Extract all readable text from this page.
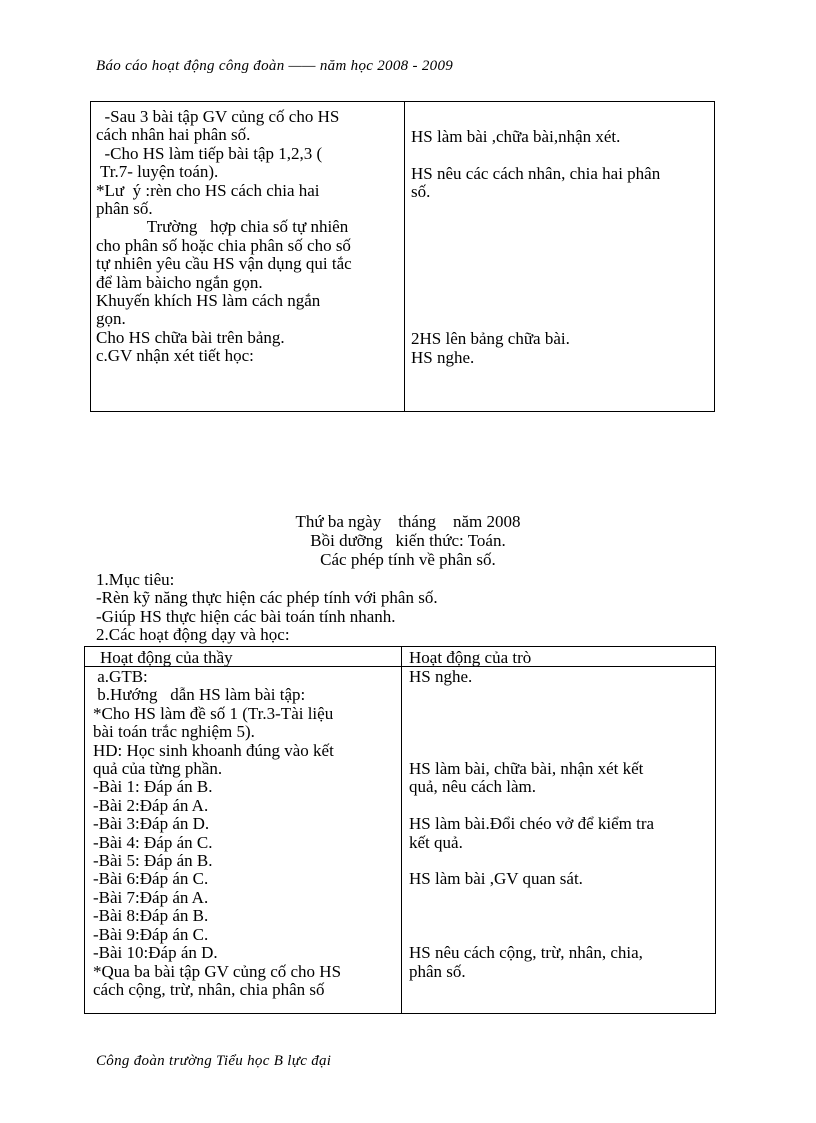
Báo cáo hoạt động công đoàn —— năm học 2008 - 2009
-Sau 3 bài tập GV củng cố cho HS
cách nhân hai phân số.
-Cho HS làm tiếp bài tập 1,2,3 (
Tr.7- luyện toán).
*Lư  ý :rèn cho HS cách chia hai
phân số.
Trường   hợp chia số tự nhiên
cho phân số hoặc chia phân số cho số
tự nhiên yêu cầu HS vận dụng qui tắc
để làm bàicho ngắn gọn.
Khuyến khích HS làm cách ngắn
gọn.
Cho HS chữa bài trên bảng.
c.GV nhận xét tiết học:
HS làm bài ,chữa bài,nhận xét.

HS nêu các cách nhân, chia hai phân
số.

2HS lên bảng chữa bài.
HS nghe.
Thứ ba ngày    tháng    năm 2008
Bồi dưỡng   kiến thức: Toán.
Các phép tính về phân số.
1.Mục tiêu:
-Rèn kỹ năng thực hiện các phép tính với phân số.
-Giúp HS thực hiện các bài toán tính nhanh.
2.Các hoạt động dạy và học:
Hoạt động của thầy	Hoạt động của trò
a.GTB:
b.Hướng   dẫn HS làm bài tập:
*Cho HS làm đề số 1 (Tr.3-Tài liệu
bài toán trắc nghiệm 5).
HD: Học sinh khoanh đúng vào kết
quả của từng phần.
-Bài 1: Đáp án B.
-Bài 2:Đáp án A.
-Bài 3:Đáp án D.
-Bài 4: Đáp án C.
-Bài 5: Đáp án B.
-Bài 6:Đáp án C.
-Bài 7:Đáp án A.
-Bài 8:Đáp án B.
-Bài 9:Đáp án C.
-Bài 10:Đáp án D.
*Qua ba bài tập GV củng cố cho HS
cách cộng, trừ, nhân, chia phân số
HS nghe.

HS làm bài, chữa bài, nhận xét kết
quả, nêu cách làm.

HS làm bài.Đổi chéo vở để kiểm tra
kết quả.

HS làm bài ,GV quan sát.

HS nêu cách cộng, trừ, nhân, chia,
phân số.
Công đoàn trường Tiểu học B lực đại
